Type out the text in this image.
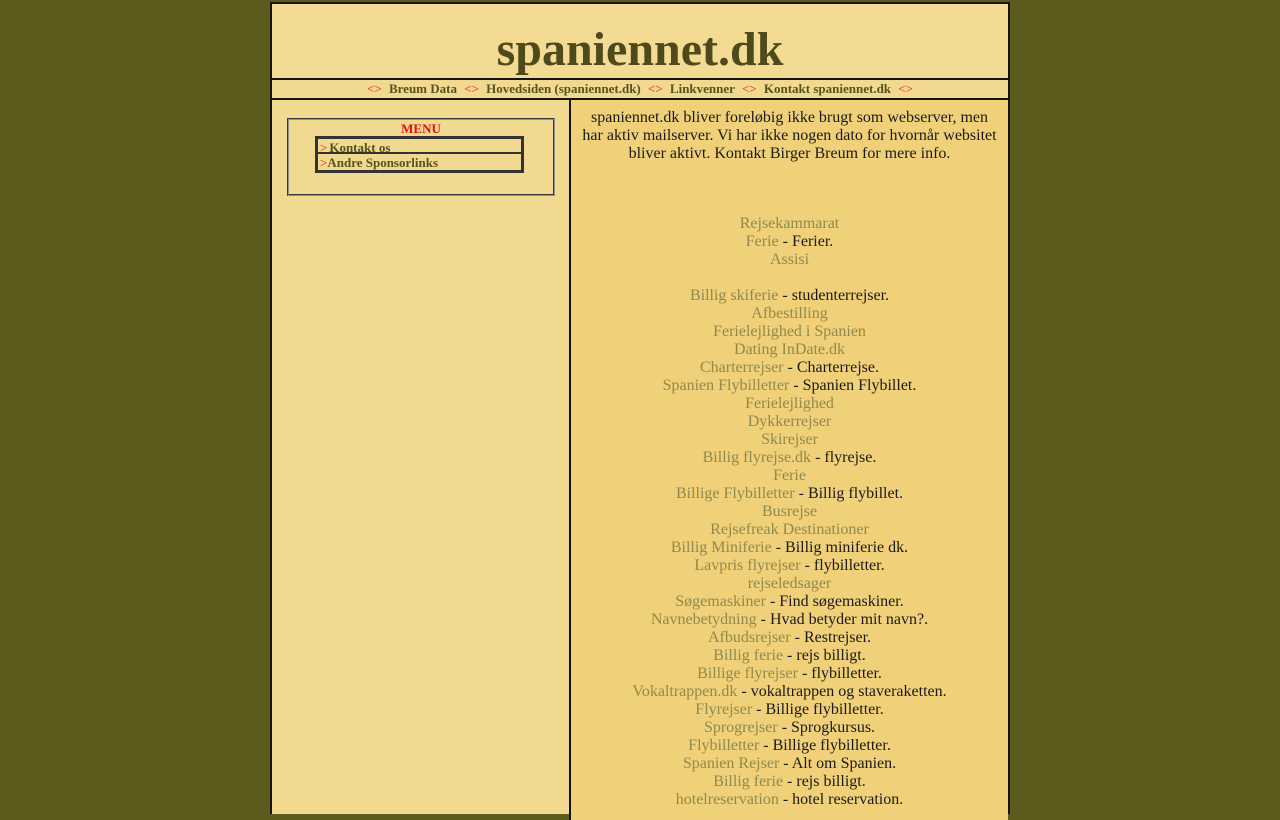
spaniennet.dk
<> Breum Data <> Hovedsiden (spaniennet.dk) <> Linkvenner <> Kontakt spaniennet.dk <>
MENU
> Kontakt os
>Andre Sponsorlinks
spaniennet.dk bliver foreløbig ikke brugt som webserver, men har aktiv mailserver. Vi har ikke nogen dato for hvornår websitet bliver aktivt. Kontakt Birger Breum for mere info.
Rejsekammarat
Ferie - Ferier.
Assisi
Billig skiferie - studenterrejser.
Afbestilling
Ferielejlighed i Spanien
Dating InDate.dk
Charterrejser - Charterrejse.
Spanien Flybilletter - Spanien Flybillet.
Ferielejlighed
Dykkerrejser
Skirejser
Billig flyrejse.dk - flyrejse.
Ferie
Billige Flybilletter - Billig flybillet.
Busrejse
Rejsefreak Destinationer
Billig Miniferie - Billig miniferie dk.
Lavpris flyrejser - flybilletter.
rejseledsager
Søgemaskiner - Find søgemaskiner.
Navnebetydning - Hvad betyder mit navn?.
Afbudsrejser - Restrejser.
Billig ferie - rejs billigt.
Billige flyrejser - flybilletter.
Vokaltrappen.dk - vokaltrappen og staveraketten.
Flyrejser - Billige flybilletter.
Sprogrejser - Sprogkursus.
Flybilletter - Billige flybilletter.
Spanien Rejser - Alt om Spanien.
Billig ferie - rejs billigt.
hotelreservation - hotel reservation.
